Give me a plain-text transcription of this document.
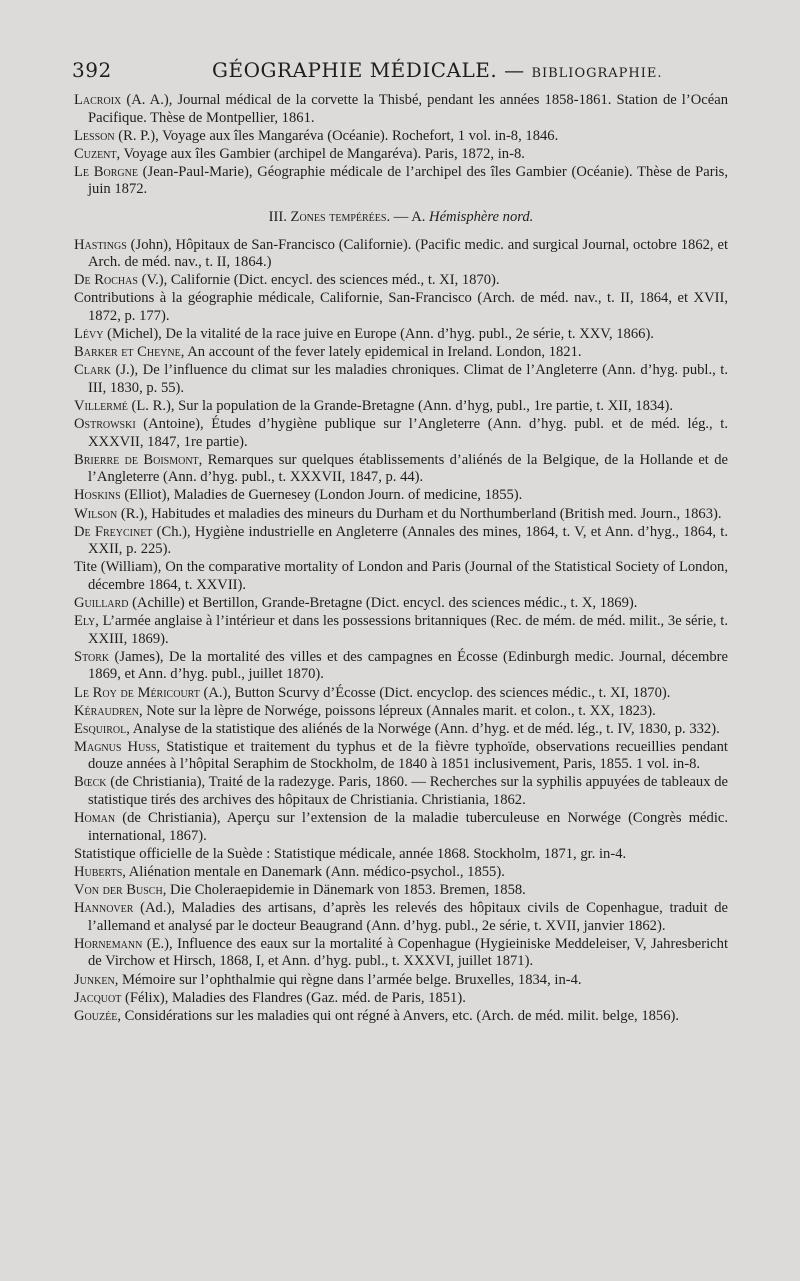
392	GÉOGRAPHIE MÉDICALE. — BIBLIOGRAPHIE.
Lacroix (A. A.), Journal médical de la corvette la Thisbé, pendant les années 1858-1861. Station de l’Océan Pacifique. Thèse de Montpellier, 1861.
Lesson (R. P.), Voyage aux îles Mangaréva (Océanie). Rochefort, 1 vol. in-8, 1846.
Cuzent, Voyage aux îles Gambier (archipel de Mangaréva). Paris, 1872, in-8.
Le Borgne (Jean-Paul-Marie), Géographie médicale de l’archipel des îles Gambier (Océanie). Thèse de Paris, juin 1872.
III. Zones tempérées. — A. Hémisphère nord.
Hastings (John), Hôpitaux de San-Francisco (Californie). (Pacific medic. and surgical Journal, octobre 1862, et Arch. de méd. nav., t. II, 1864.)
De Rochas (V.), Californie (Dict. encycl. des sciences méd., t. XI, 1870).
Contributions à la géographie médicale, Californie, San-Francisco (Arch. de méd. nav., t. II, 1864, et XVII, 1872, p. 177).
Lévy (Michel), De la vitalité de la race juive en Europe (Ann. d’hyg. publ., 2e série, t. XXV, 1866).
Barker et Cheyne, An account of the fever lately epidemical in Ireland. London, 1821.
Clark (J.), De l’influence du climat sur les maladies chroniques. Climat de l’Angleterre (Ann. d’hyg. publ., t. III, 1830, p. 55).
Villermé (L. R.), Sur la population de la Grande-Bretagne (Ann. d’hyg, publ., 1re partie, t. XII, 1834).
Ostrowski (Antoine), Études d’hygiène publique sur l’Angleterre (Ann. d’hyg. publ. et de méd. lég., t. XXXVII, 1847, 1re partie).
Brierre de Boismont, Remarques sur quelques établissements d’aliénés de la Belgique, de la Hollande et de l’Angleterre (Ann. d’hyg. publ., t. XXXVII, 1847, p. 44).
Hoskins (Elliot), Maladies de Guernesey (London Journ. of medicine, 1855).
Wilson (R.), Habitudes et maladies des mineurs du Durham et du Northumberland (British med. Journ., 1863).
De Freycinet (Ch.), Hygiène industrielle en Angleterre (Annales des mines, 1864, t. V, et Ann. d’hyg., 1864, t. XXII, p. 225).
Tite (William), On the comparative mortality of London and Paris (Journal of the Statistical Society of London, décembre 1864, t. XXVII).
Guillard (Achille) et Bertillon, Grande-Bretagne (Dict. encycl. des sciences médic., t. X, 1869).
Ely, L’armée anglaise à l’intérieur et dans les possessions britanniques (Rec. de mém. de méd. milit., 3e série, t. XXIII, 1869).
Stork (James), De la mortalité des villes et des campagnes en Écosse (Edinburgh medic. Journal, décembre 1869, et Ann. d’hyg. publ., juillet 1870).
Le Roy de Méricourt (A.), Button Scurvy d’Écosse (Dict. encyclop. des sciences médic., t. XI, 1870).
Kéraudren, Note sur la lèpre de Norwége, poissons lépreux (Annales marit. et colon., t. XX, 1823).
Esquirol, Analyse de la statistique des aliénés de la Norwége (Ann. d’hyg. et de méd. lég., t. IV, 1830, p. 332).
Magnus Huss, Statistique et traitement du typhus et de la fièvre typhoïde, observations recueillies pendant douze années à l’hôpital Seraphim de Stockholm, de 1840 à 1851 inclusivement, Paris, 1855. 1 vol. in-8.
Bœck (de Christiania), Traité de la radezyge. Paris, 1860. — Recherches sur la syphilis appuyées de tableaux de statistique tirés des archives des hôpitaux de Christiania. Christiania, 1862.
Homan (de Christiania), Aperçu sur l’extension de la maladie tuberculeuse en Norwége (Congrès médic. international, 1867).
Statistique officielle de la Suède : Statistique médicale, année 1868. Stockholm, 1871, gr. in-4.
Huberts, Aliénation mentale en Danemark (Ann. médico-psychol., 1855).
Von der Busch, Die Choleraepidemie in Dänemark von 1853. Bremen, 1858.
Hannover (Ad.), Maladies des artisans, d’après les relevés des hôpitaux civils de Copenhague, traduit de l’allemand et analysé par le docteur Beaugrand (Ann. d’hyg. publ., 2e série, t. XVII, janvier 1862).
Hornemann (E.), Influence des eaux sur la mortalité à Copenhague (Hygieiniske Meddeleiser, V, Jahresbericht de Virchow et Hirsch, 1868, I, et Ann. d’hyg. publ., t. XXXVI, juillet 1871).
Junken, Mémoire sur l’ophthalmie qui règne dans l’armée belge. Bruxelles, 1834, in-4.
Jacquot (Félix), Maladies des Flandres (Gaz. méd. de Paris, 1851).
Gouzée, Considérations sur les maladies qui ont régné à Anvers, etc. (Arch. de méd. milit. belge, 1856).
